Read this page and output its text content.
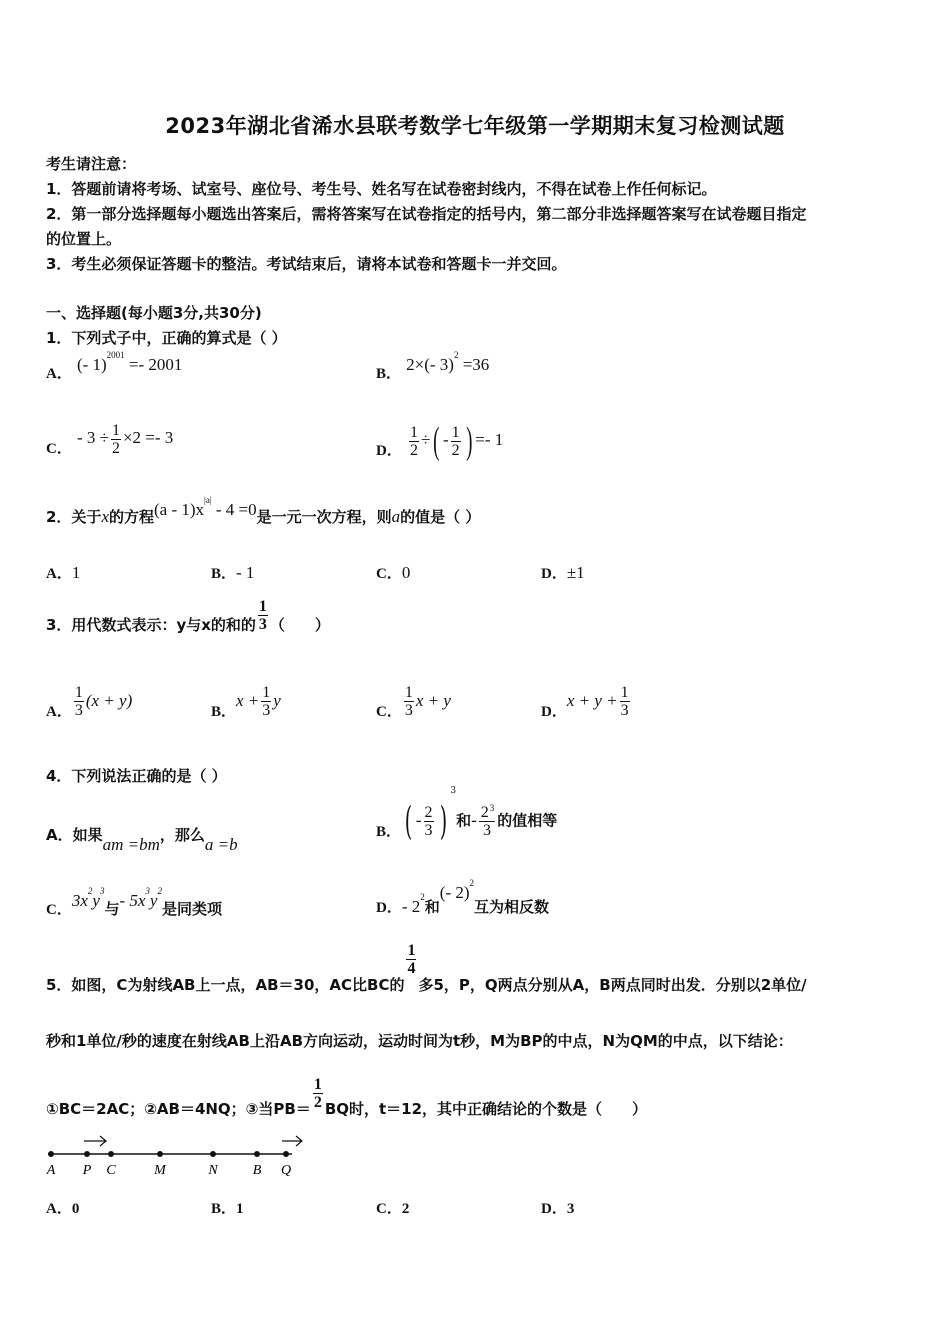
2023年湖北省浠水县联考数学七年级第一学期期末复习检测试题
考生请注意：
1．答题前请将考场、试室号、座位号、考生号、姓名写在试卷密封线内，不得在试卷上作任何标记。
2．第一部分选择题每小题选出答案后，需将答案写在试卷指定的括号内，第二部分非选择题答案写在试卷题目指定
的位置上。
3．考生必须保证答题卡的整洁。考试结束后，请将本试卷和答题卡一并交回。
一、选择题(每小题3分,共30分)
1．下列式子中，正确的算式是（ ）
A． (- 1)$^{2001}$ =- 2001	B． 2×(- 3)$^2$ =36
C． - $3 \div \frac{1}{2} \times 2 =- 3$
D． $\frac{1}{2}$ ÷( - $\frac{1}{2}$ ) =- 1
2．关于x的方程$(a - 1)x^{|a|} - 4 =0$是一元一次方程，则a的值是（ ）
A．1	B．- 1	C．0	D．±1
3．用代数式表示：y与x的和的 $\frac{1}{3}$ （　　）
A． $\frac{1}{3} (x + y)$
B．$x + \frac{1}{3}$ y
C． $\frac{1}{3}$ x + y
D．$x + y + \frac{1}{3}$
4．下列说法正确的是（ ）
A．如果am =bm，那么a =b
B．( - $\frac{2}{3} )^3$和- $\frac{2^3}{3}$ 的值相等
C．$3x^2y^3$与- $5x^3y^2$是同类项	D．- $2^2$和(- 2)$^2$互为相反数
5．如图，C为射线AB上一点，AB＝30，AC比BC的
$\frac{1}{4}$
多5，P，Q两点分别从A，B两点同时出发．分别以2单位/
秒和1单位/秒的速度在射线AB上沿AB方向运动，运动时间为t秒，M为BP的中点，N为QM的中点，以下结论：
①BC＝2AC；②AB＝4NQ；③当$PB= \frac{1}{2}$ BQ时，t＝12，其中正确结论的个数是（　　）
A P C	M	N	B Q
A．0	B．1	C．2	D．3
